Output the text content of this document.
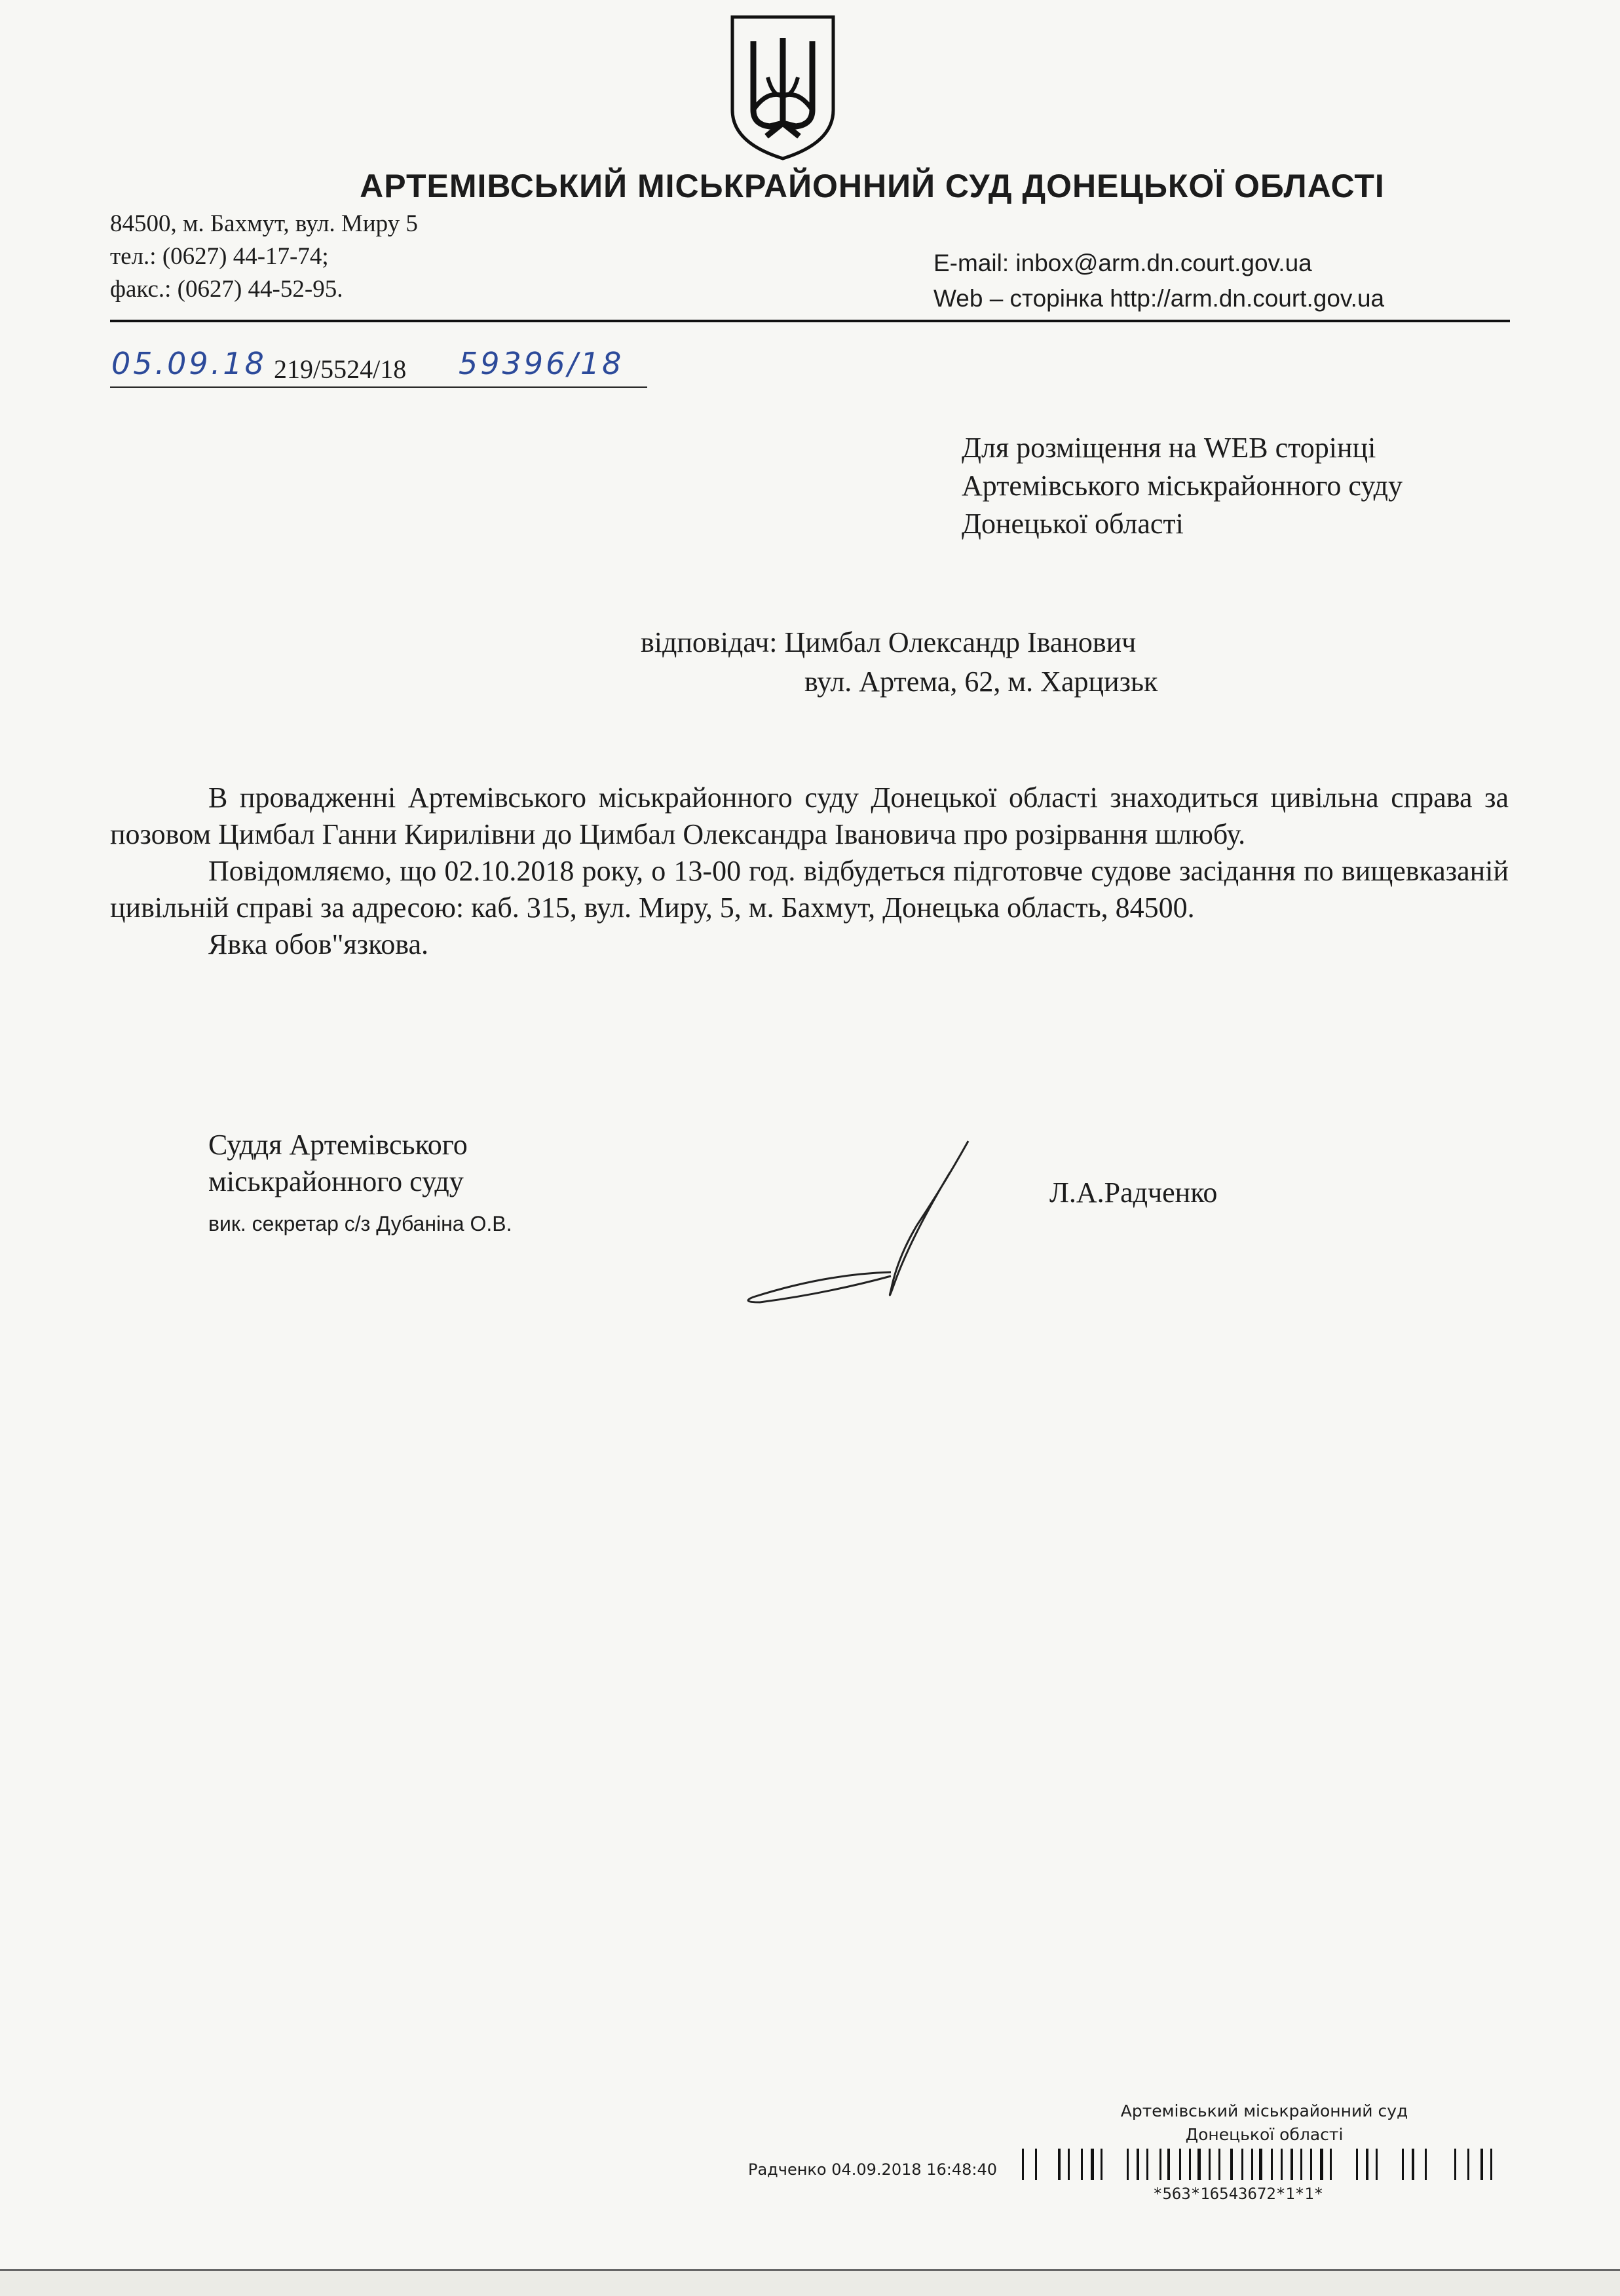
АРТЕМІВСЬКИЙ МІСЬКРАЙОННИЙ СУД ДОНЕЦЬКОЇ ОБЛАСТІ
84500, м. Бахмут, вул. Миру 5
тел.: (0627) 44-17-74;
факс.: (0627) 44-52-95.
E-mail: inbox@arm.dn.court.gov.ua
Web – сторінка http://arm.dn.court.gov.ua
05.09.18 219/5524/18 59396/18
Для розміщення на WEB сторінці
Артемівського міськрайонного суду
Донецької області
відповідач: Цимбал Олександр Іванович
вул. Артема, 62, м. Харцизьк

В провадженні Артемівського міськрайонного суду Донецької області знаходиться цивільна справа за позовом Цимбал Ганни Кирилівни до Цимбал Олександра Івановича про розірвання шлюбу.

Повідомляємо, що 02.10.2018 року, о 13-00 год. відбудеться підготовче судове засідання по вищевказаній цивільній справі за адресою: каб. 315, вул. Миру, 5, м. Бахмут, Донецька область, 84500.

Явка обов"язкова.

Суддя Артемівського
міськрайонного суду
вик. секретар с/з Дубаніна О.В.
Л.А.Радченко
Артемівський міськрайонний суд
Донецької області
Радченко 04.09.2018 16:48:40
*563*16543672*1*1*
